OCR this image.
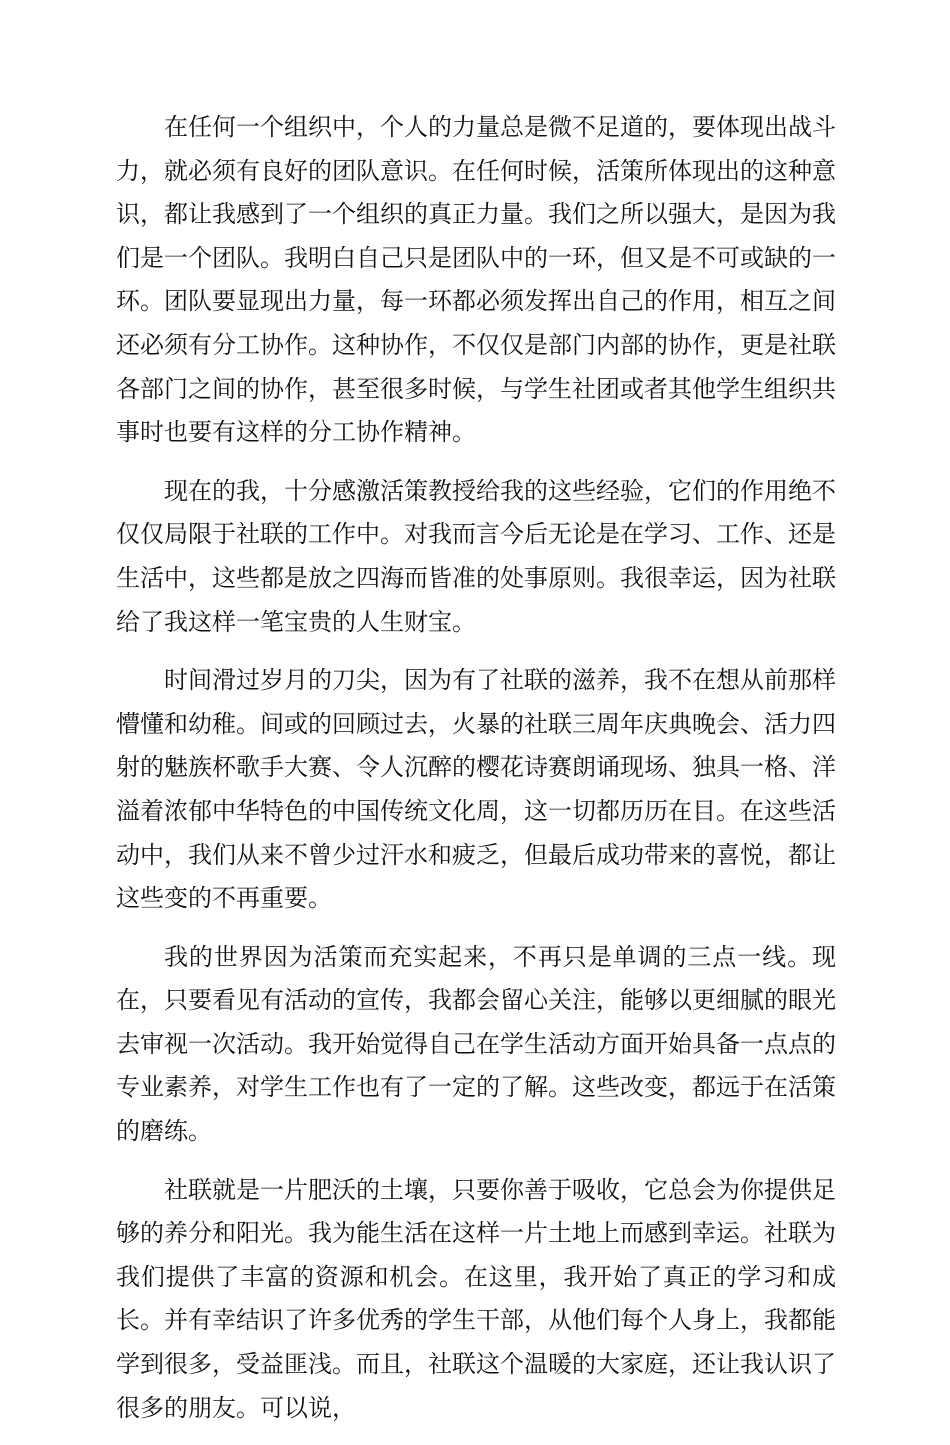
在任何一个组织中，个人的力量总是微不足道的，要体现出战斗力，就必须有良好的团队意识。在任何时候，活策所体现出的这种意识，都让我感到了一个组织的真正力量。我们之所以强大，是因为我们是一个团队。我明白自己只是团队中的一环，但又是不可或缺的一环。团队要显现出力量，每一环都必须发挥出自己的作用，相互之间还必须有分工协作。这种协作，不仅仅是部门内部的协作，更是社联各部门之间的协作，甚至很多时候，与学生社团或者其他学生组织共事时也要有这样的分工协作精神。

现在的我，十分感激活策教授给我的这些经验，它们的作用绝不仅仅局限于社联的工作中。对我而言今后无论是在学习、工作、还是生活中，这些都是放之四海而皆准的处事原则。我很幸运，因为社联给了我这样一笔宝贵的人生财宝。

时间滑过岁月的刀尖，因为有了社联的滋养，我不在想从前那样懵懂和幼稚。间或的回顾过去，火暴的社联三周年庆典晚会、活力四射的魅族杯歌手大赛、令人沉醉的樱花诗赛朗诵现场、独具一格、洋溢着浓郁中华特色的中国传统文化周，这一切都历历在目。在这些活动中，我们从来不曾少过汗水和疲乏，但最后成功带来的喜悦，都让这些变的不再重要。

我的世界因为活策而充实起来，不再只是单调的三点一线。现在，只要看见有活动的宣传，我都会留心关注，能够以更细腻的眼光去审视一次活动。我开始觉得自己在学生活动方面开始具备一点点的专业素养，对学生工作也有了一定的了解。这些改变，都远于在活策的磨练。

社联就是一片肥沃的土壤，只要你善于吸收，它总会为你提供足够的养分和阳光。我为能生活在这样一片土地上而感到幸运。社联为我们提供了丰富的资源和机会。在这里，我开始了真正的学习和成长。并有幸结识了许多优秀的学生干部，从他们每个人身上，我都能学到很多，受益匪浅。而且，社联这个温暖的大家庭，还让我认识了很多的朋友。可以说，
